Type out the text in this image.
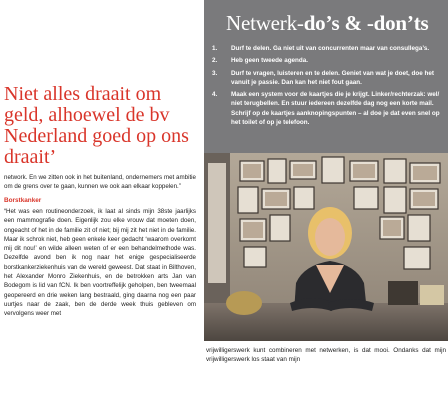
Netwerk-do’s & -don’ts
1. Durf te delen. Ga niet uit van concurrenten maar van consullega’s.
2. Heb geen tweede agenda.
3. Durf te vragen, luisteren en te delen. Geniet van wat je doet, doe het vanuit je passie. Dan kan het niet fout gaan.
4. Maak een system voor de kaartjes die je krijgt. Linker/rechterzak: wel/ niet terugbellen. En stuur iedereen dezelfde dag nog een korte mail. Schrijf op de kaartjes aanknopingspunten – al doe je dat even snel op het toilet of op je telefoon.
Niet alles draait om geld, alhoewel de bv Nederland goed op ons draait’

network. En we zitten ook in het buitenland, ondernemers met ambitie om de grens over te gaan, kunnen we ook aan elkaar koppelen.”

Borstkanker

“Het was een routineonderzoek, ik laat al sinds mijn 38ste jaarlijks een mammografie doen. Eigenlijk zou elke vrouw dat moeten doen, ongeacht of het in de familie zit of niet; bij mij zit het niet in de familie. Maar ik schrok niet, heb geen enkele keer gedacht ‘waarom overkomt mij dit nou!’ en wilde alleen weten of er een behandelmethode was. Dezelfde avond ben ik nog naar het enige gespecialiseerde borstkankerziekenhuis van de wereld geweest. Dat staat in Bilthoven, het Alexander Monro Ziekenhuis, en de betrokken arts Jan van Bodegom is lid van fCN. Ik ben voortreffelijk geholpen, ben tweemaal geopereerd en drie weken lang bestraald, ging daarna nog een paar uurtjes naar de zaak, ben de derde week thuis gebleven om vervolgens weer met

vrijwilligerswerk kunt combineren met netwerken, is dat mooi. Ondanks dat mijn vrijwilligerswerk los staat van mijn
